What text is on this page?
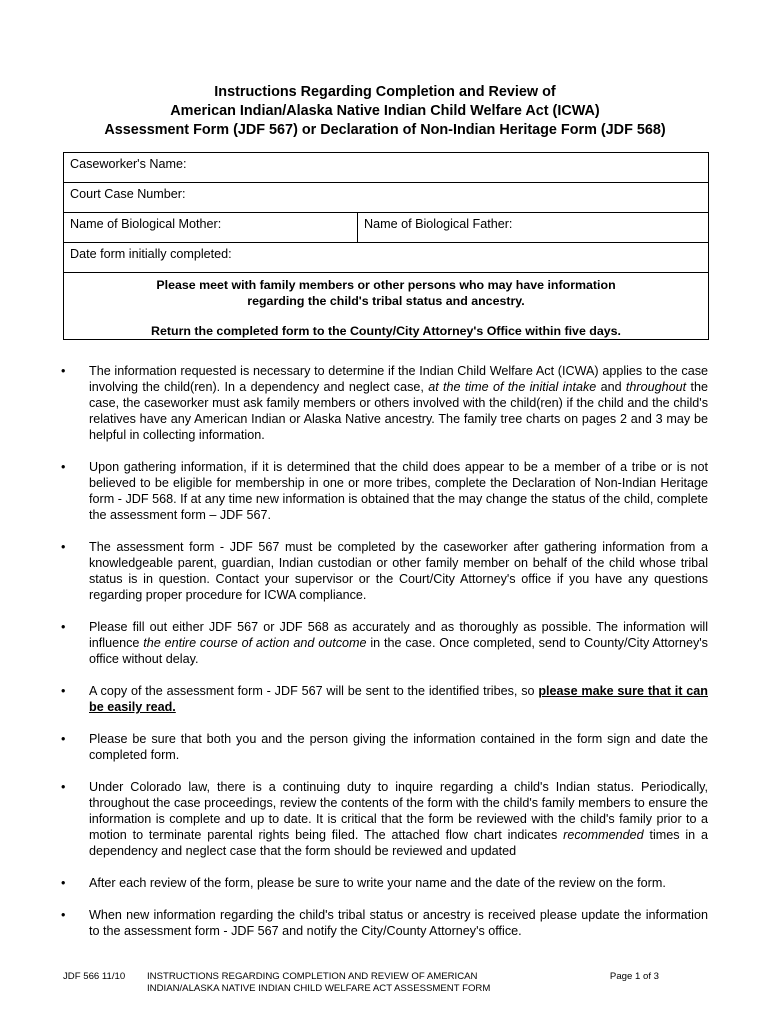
Instructions Regarding Completion and Review of
American Indian/Alaska Native Indian Child Welfare Act (ICWA)
Assessment Form (JDF 567) or Declaration of Non-Indian Heritage Form (JDF 568)
Caseworker's Name:
Court Case Number:
Name of Biological Mother:	Name of Biological Father:
Date form initially completed:

Please meet with family members or other persons who may have information

regarding the child's tribal status and ancestry.

Return the completed form to the County/City Attorney's Office within five days.

•	The information requested is necessary to determine if the Indian Child Welfare Act (ICWA) applies to the case involving the child(ren). In a dependency and neglect case, at the time of the initial intake and throughout the case, the caseworker must ask family members or others involved with the child(ren) if the child and the child's relatives have any American Indian or Alaska Native ancestry. The family tree charts on pages 2 and 3 may be helpful in collecting information.
•	Upon gathering information, if it is determined that the child does appear to be a member of a tribe or is not believed to be eligible for membership in one or more tribes, complete the Declaration of Non-Indian Heritage form - JDF 568. If at any time new information is obtained that the may change the status of the child, complete the assessment form – JDF 567.
•	The assessment form - JDF 567 must be completed by the caseworker after gathering information from a knowledgeable parent, guardian, Indian custodian or other family member on behalf of the child whose tribal status is in question. Contact your supervisor or the Court/City Attorney's office if you have any questions regarding proper procedure for ICWA compliance.
•	Please fill out either JDF 567 or JDF 568 as accurately and as thoroughly as possible. The information will influence the entire course of action and outcome in the case. Once completed, send to County/City Attorney's office without delay.
•	A copy of the assessment form - JDF 567 will be sent to the identified tribes, so please make sure that it can be easily read.
•	Please be sure that both you and the person giving the information contained in the form sign and date the completed form.
•	Under Colorado law, there is a continuing duty to inquire regarding a child's Indian status. Periodically, throughout the case proceedings, review the contents of the form with the child's family members to ensure the information is complete and up to date. It is critical that the form be reviewed with the child's family prior to a motion to terminate parental rights being filed. The attached flow chart indicates recommended times in a dependency and neglect case that the form should be reviewed and updated
•	After each review of the form, please be sure to write your name and the date of the review on the form.
•	When new information regarding the child's tribal status or ancestry is received please update the information to the assessment form - JDF 567 and notify the City/County Attorney's office.
JDF 566 11/10	INSTRUCTIONS REGARDING COMPLETION AND REVIEW OF AMERICAN
INDIAN/ALASKA NATIVE INDIAN CHILD WELFARE ACT ASSESSMENT FORM
Page 1 of 3
